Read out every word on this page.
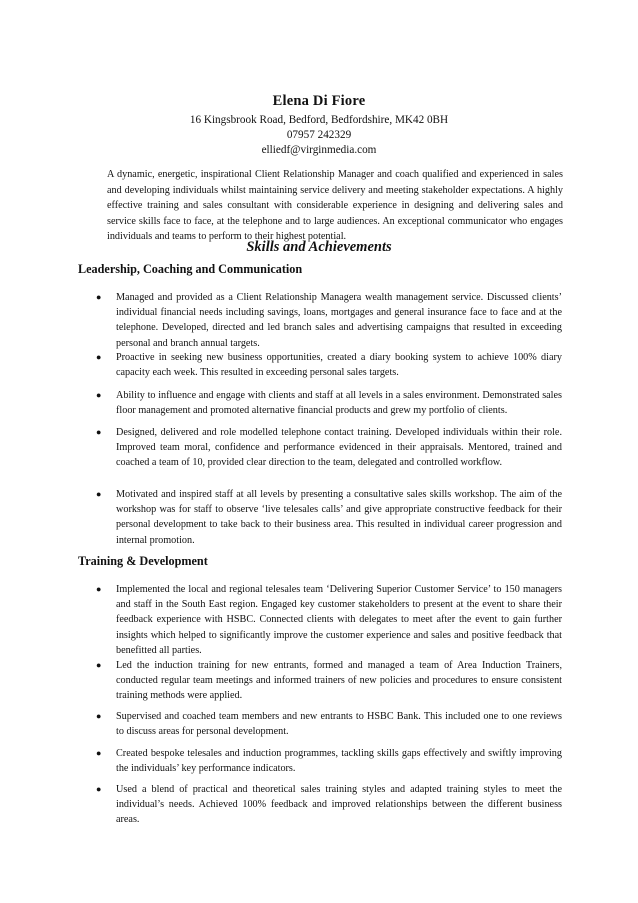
Elena Di Fiore
16 Kingsbrook Road, Bedford, Bedfordshire, MK42 0BH
07957 242329
elliedf@virginmedia.com
A dynamic, energetic, inspirational Client Relationship Manager and coach qualified and experienced in sales and developing individuals whilst maintaining service delivery and meeting stakeholder expectations. A highly effective training and sales consultant with considerable experience in designing and delivering sales and service skills face to face, at the telephone and to large audiences. An exceptional communicator who engages individuals and teams to perform to their highest potential.
Skills and Achievements
Leadership, Coaching and Communication
● Managed and provided as a Client Relationship Managera wealth management service. Discussed clients’ individual financial needs including savings, loans, mortgages and general insurance face to face and at the telephone. Developed, directed and led branch sales and advertising campaigns that resulted in exceeding personal and branch annual targets.
● Proactive in seeking new business opportunities, created a diary booking system to achieve 100% diary capacity each week. This resulted in exceeding personal sales targets.
● Ability to influence and engage with clients and staff at all levels in a sales environment. Demonstrated sales floor management and promoted alternative financial products and grew my portfolio of clients.
● Designed, delivered and role modelled telephone contact training. Developed individuals within their role. Improved team moral, confidence and performance evidenced in their appraisals. Mentored, trained and coached a team of 10, provided clear direction to the team, delegated and controlled workflow.
● Motivated and inspired staff at all levels by presenting a consultative sales skills workshop. The aim of the workshop was for staff to observe ‘live telesales calls’ and give appropriate constructive feedback for their personal development to take back to their business area. This resulted in individual career progression and internal promotion.
Training & Development
● Implemented the local and regional telesales team ‘Delivering Superior Customer Service’ to 150 managers and staff in the South East region. Engaged key customer stakeholders to present at the event to share their feedback experience with HSBC. Connected clients with delegates to meet after the event to gain further insights which helped to significantly improve the customer experience and sales and positive feedback that benefitted all parties.
● Led the induction training for new entrants, formed and managed a team of Area Induction Trainers, conducted regular team meetings and informed trainers of new policies and procedures to ensure consistent training methods were applied.
● Supervised and coached team members and new entrants to HSBC Bank. This included one to one reviews to discuss areas for personal development.
● Created bespoke telesales and induction programmes, tackling skills gaps effectively and swiftly improving the individuals’ key performance indicators.
● Used a blend of practical and theoretical sales training styles and adapted training styles to meet the individual’s needs. Achieved 100% feedback and improved relationships between the different business areas.
